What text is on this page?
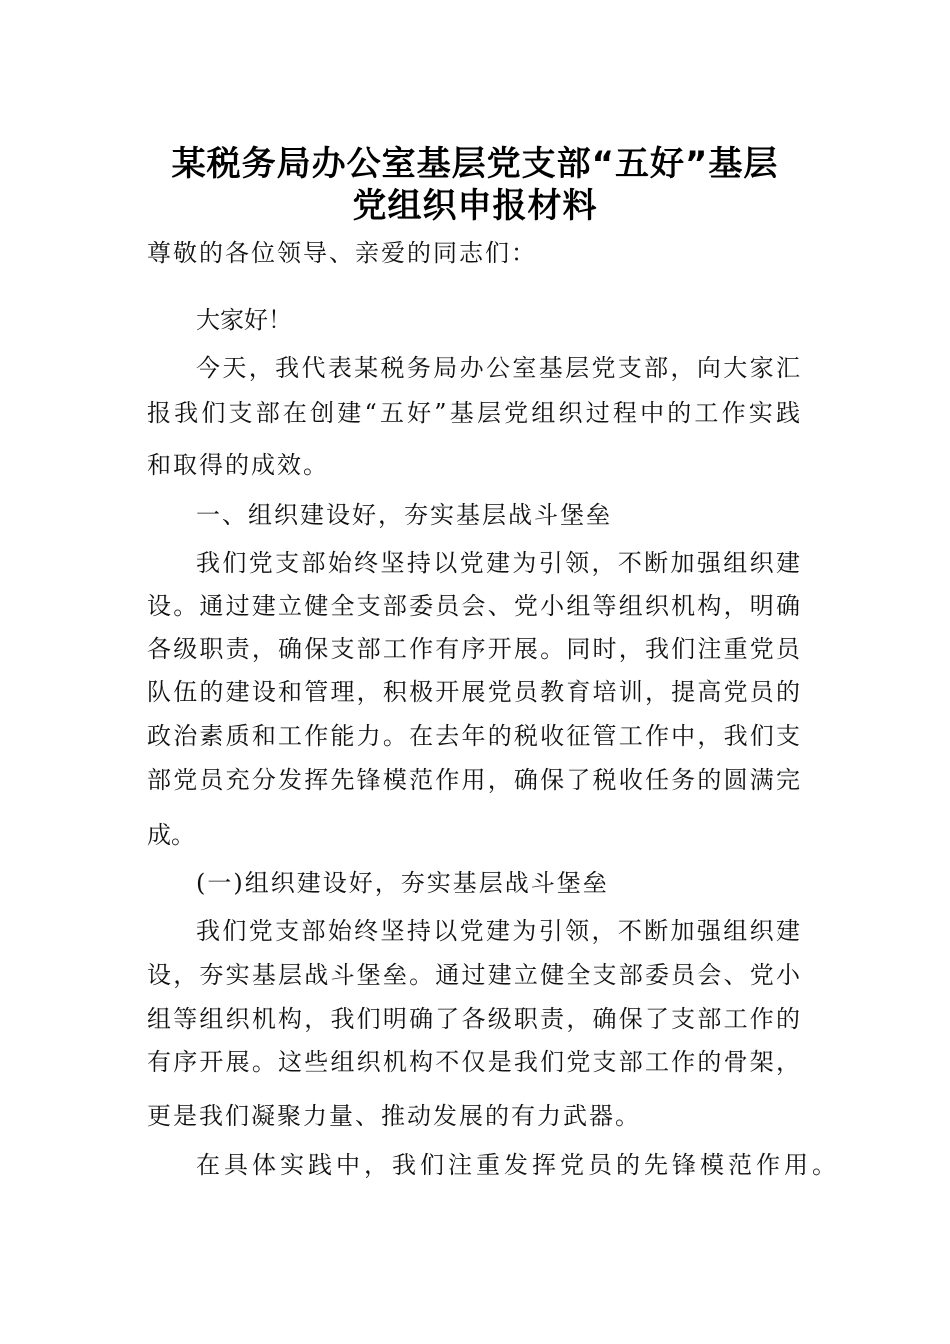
某税务局办公室基层党支部“五好”基层
党组织申报材料

尊敬的各位领导、亲爱的同志们：

大家好！

今天，我代表某税务局办公室基层党支部，向大家汇

报我们支部在创建“五好”基层党组织过程中的工作实践

和取得的成效。

一、组织建设好，夯实基层战斗堡垒

我们党支部始终坚持以党建为引领，不断加强组织建

设。通过建立健全支部委员会、党小组等组织机构，明确

各级职责，确保支部工作有序开展。同时，我们注重党员

队伍的建设和管理，积极开展党员教育培训，提高党员的

政治素质和工作能力。在去年的税收征管工作中，我们支

部党员充分发挥先锋模范作用，确保了税收任务的圆满完

成。

(一)组织建设好，夯实基层战斗堡垒

我们党支部始终坚持以党建为引领，不断加强组织建

设，夯实基层战斗堡垒。通过建立健全支部委员会、党小

组等组织机构，我们明确了各级职责，确保了支部工作的

有序开展。这些组织机构不仅是我们党支部工作的骨架，

更是我们凝聚力量、推动发展的有力武器。

在具体实践中，我们注重发挥党员的先锋模范作用。
